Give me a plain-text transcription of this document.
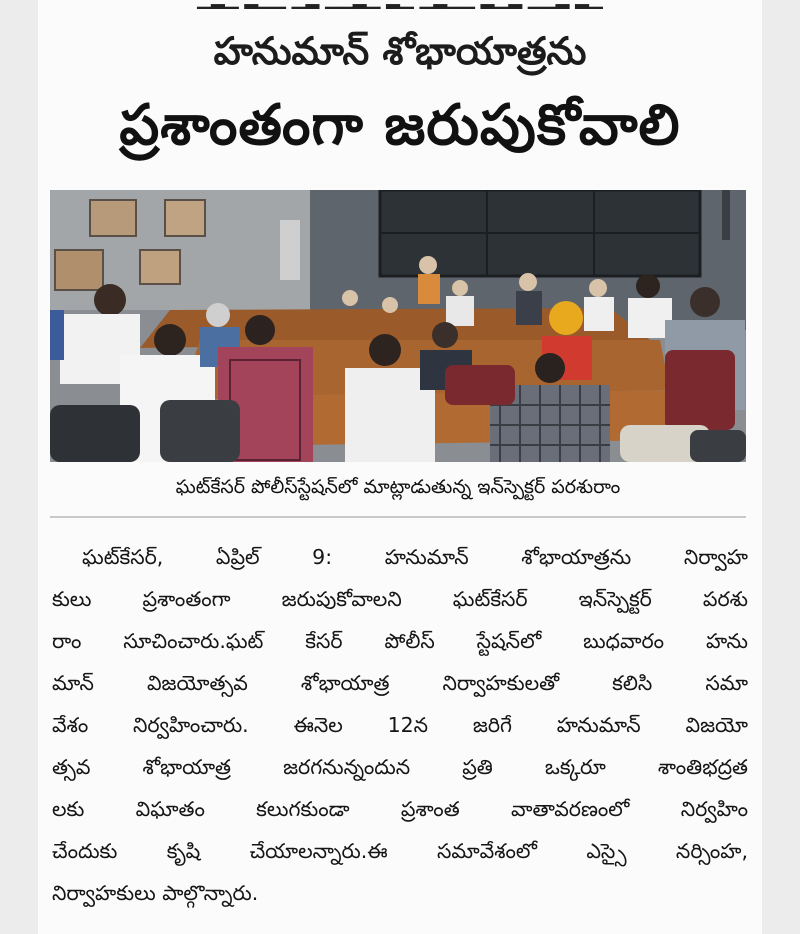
హనుమాన్ శోభాయాత్రను
ప్రశాంతంగా జరుపుకోవాలి
ఘట్‌కేసర్ పోలీస్‌స్టేషన్‌లో మాట్లాడుతున్న ఇన్‌స్పెక్టర్ పరశురాం
ఘట్‌కేసర్, ఏప్రిల్ 9: హనుమాన్ శోభాయాత్రను నిర్వాహ
కులు ప్రశాంతంగా జరుపుకోవాలని ఘట్‌కేసర్ ఇన్‌స్పెక్టర్ పరశు
రాం సూచించారు.ఘట్ కేసర్ పోలీస్ స్టేషన్‌లో బుధవారం హను
మాన్ విజయోత్సవ శోభాయాత్ర నిర్వాహకులతో కలిసి సమా
వేశం నిర్వహించారు. ఈనెల 12న జరిగే హనుమాన్ విజయో
త్సవ శోభాయాత్ర జరగనున్నందున ప్రతి ఒక్కరూ శాంతిభద్రత
లకు విఘాతం కలుగకుండా ప్రశాంత వాతావరణంలో నిర్వహిం
చేందుకు కృషి చేయాలన్నారు.ఈ సమావేశంలో ఎస్సై నర్సింహ,
నిర్వాహకులు పాల్గొన్నారు.
